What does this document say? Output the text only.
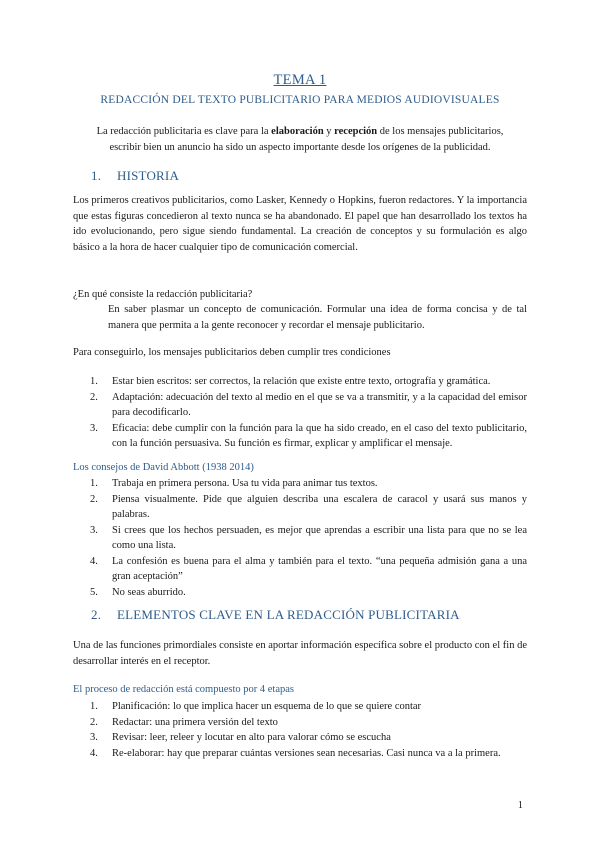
TEMA 1
REDACCIÓN DEL TEXTO PUBLICITARIO PARA MEDIOS AUDIOVISUALES
La redacción publicitaria es clave para la elaboración y recepción de los mensajes publicitarios, escribir bien un anuncio ha sido un aspecto importante desde los orígenes de la publicidad.
1. HISTORIA
Los primeros creativos publicitarios, como Lasker, Kennedy o Hopkins, fueron redactores. Y la importancia que estas figuras concedieron al texto nunca se ha abandonado. El papel que han desarrollado los textos ha ido evolucionando, pero sigue siendo fundamental. La creación de conceptos y su formulación es algo básico a la hora de hacer cualquier tipo de comunicación comercial.
¿En qué consiste la redacción publicitaria?
En saber plasmar un concepto de comunicación. Formular una idea de forma concisa y de tal manera que permita a la gente reconocer y recordar el mensaje publicitario.
Para conseguirlo, los mensajes publicitarios deben cumplir tres condiciones
1. Estar bien escritos: ser correctos, la relación que existe entre texto, ortografía y gramática.
2. Adaptación: adecuación del texto al medio en el que se va a transmitir, y a la capacidad del emisor para decodificarlo.
3. Eficacia: debe cumplir con la función para la que ha sido creado, en el caso del texto publicitario, con la función persuasiva. Su función es firmar, explicar y amplificar el mensaje.
Los consejos de David Abbott (1938 2014)
1. Trabaja en primera persona. Usa tu vida para animar tus textos.
2. Piensa visualmente. Pide que alguien describa una escalera de caracol y usará sus manos y palabras.
3. Si crees que los hechos persuaden, es mejor que aprendas a escribir una lista para que no se lea como una lista.
4. La confesión es buena para el alma y también para el texto. “una pequeña admisión gana a una gran aceptación”
5. No seas aburrido.
2. ELEMENTOS CLAVE EN LA REDACCIÓN PUBLICITARIA
Una de las funciones primordiales consiste en aportar información específica sobre el producto con el fin de desarrollar interés en el receptor.
El proceso de redacción está compuesto por 4 etapas
1. Planificación: lo que implica hacer un esquema de lo que se quiere contar
2. Redactar: una primera versión del texto
3. Revisar: leer, releer y locutar en alto para valorar cómo se escucha
4. Re-elaborar: hay que preparar cuántas versiones sean necesarias. Casi nunca va a la primera.
1
